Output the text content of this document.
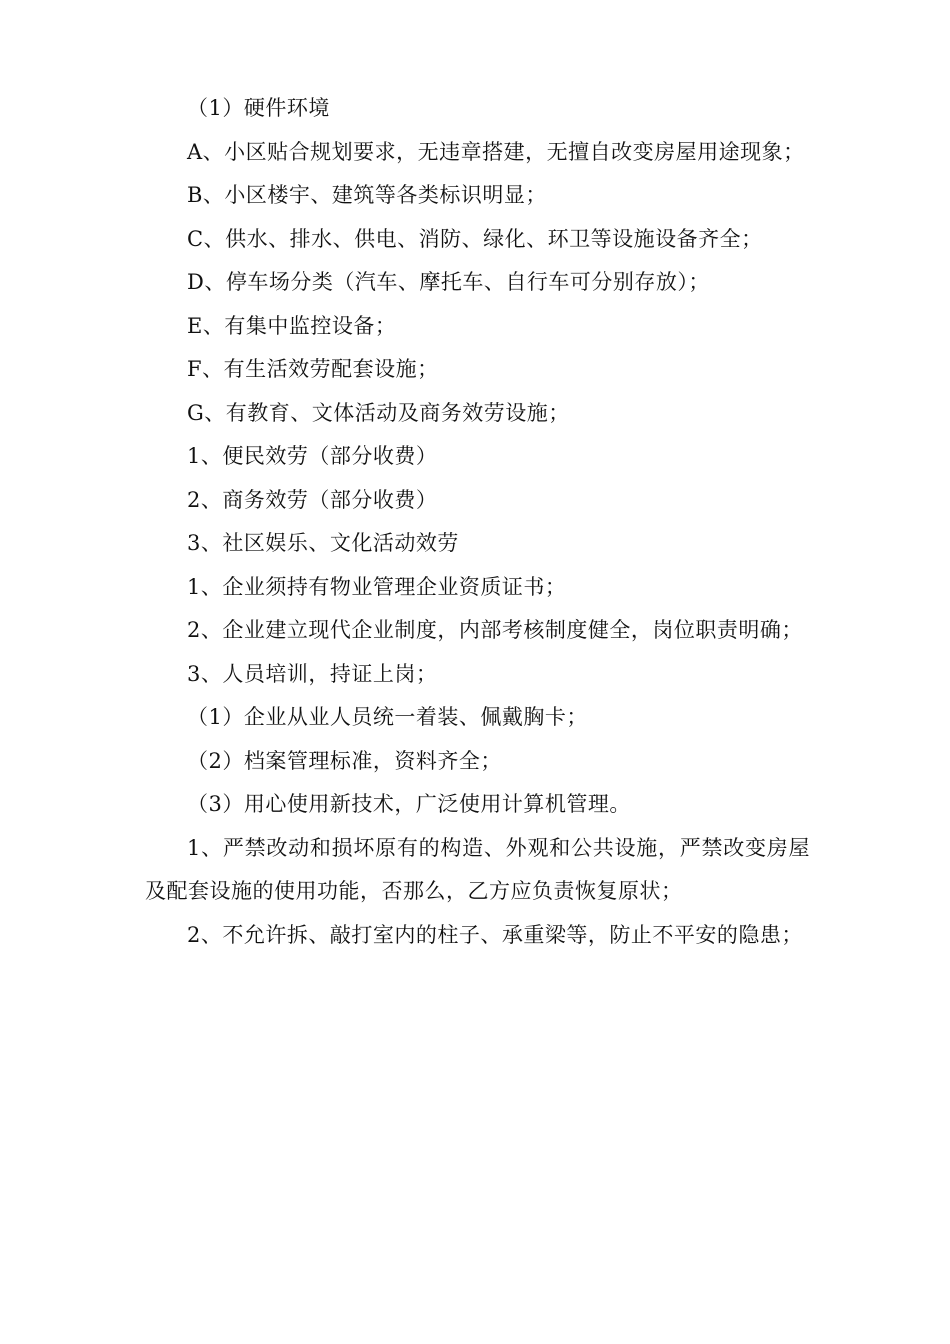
（1）硬件环境

A、小区贴合规划要求，无违章搭建，无擅自改变房屋用途现象；

B、小区楼宇、建筑等各类标识明显；

C、供水、排水、供电、消防、绿化、环卫等设施设备齐全；

D、停车场分类（汽车、摩托车、自行车可分别存放）；

E、有集中监控设备；

F、有生活效劳配套设施；

G、有教育、文体活动及商务效劳设施；

1、便民效劳（部分收费）

2、商务效劳（部分收费）

3、社区娱乐、文化活动效劳

1、企业须持有物业管理企业资质证书；

2、企业建立现代企业制度，内部考核制度健全，岗位职责明确；

3、人员培训，持证上岗；

（1）企业从业人员统一着装、佩戴胸卡；

（2）档案管理标准，资料齐全；

（3）用心使用新技术，广泛使用计算机管理。

1、严禁改动和损坏原有的构造、外观和公共设施，严禁改变房屋及配套设施的使用功能，否那么，乙方应负责恢复原状；

2、不允许拆、敲打室内的柱子、承重梁等，防止不平安的隐患；
